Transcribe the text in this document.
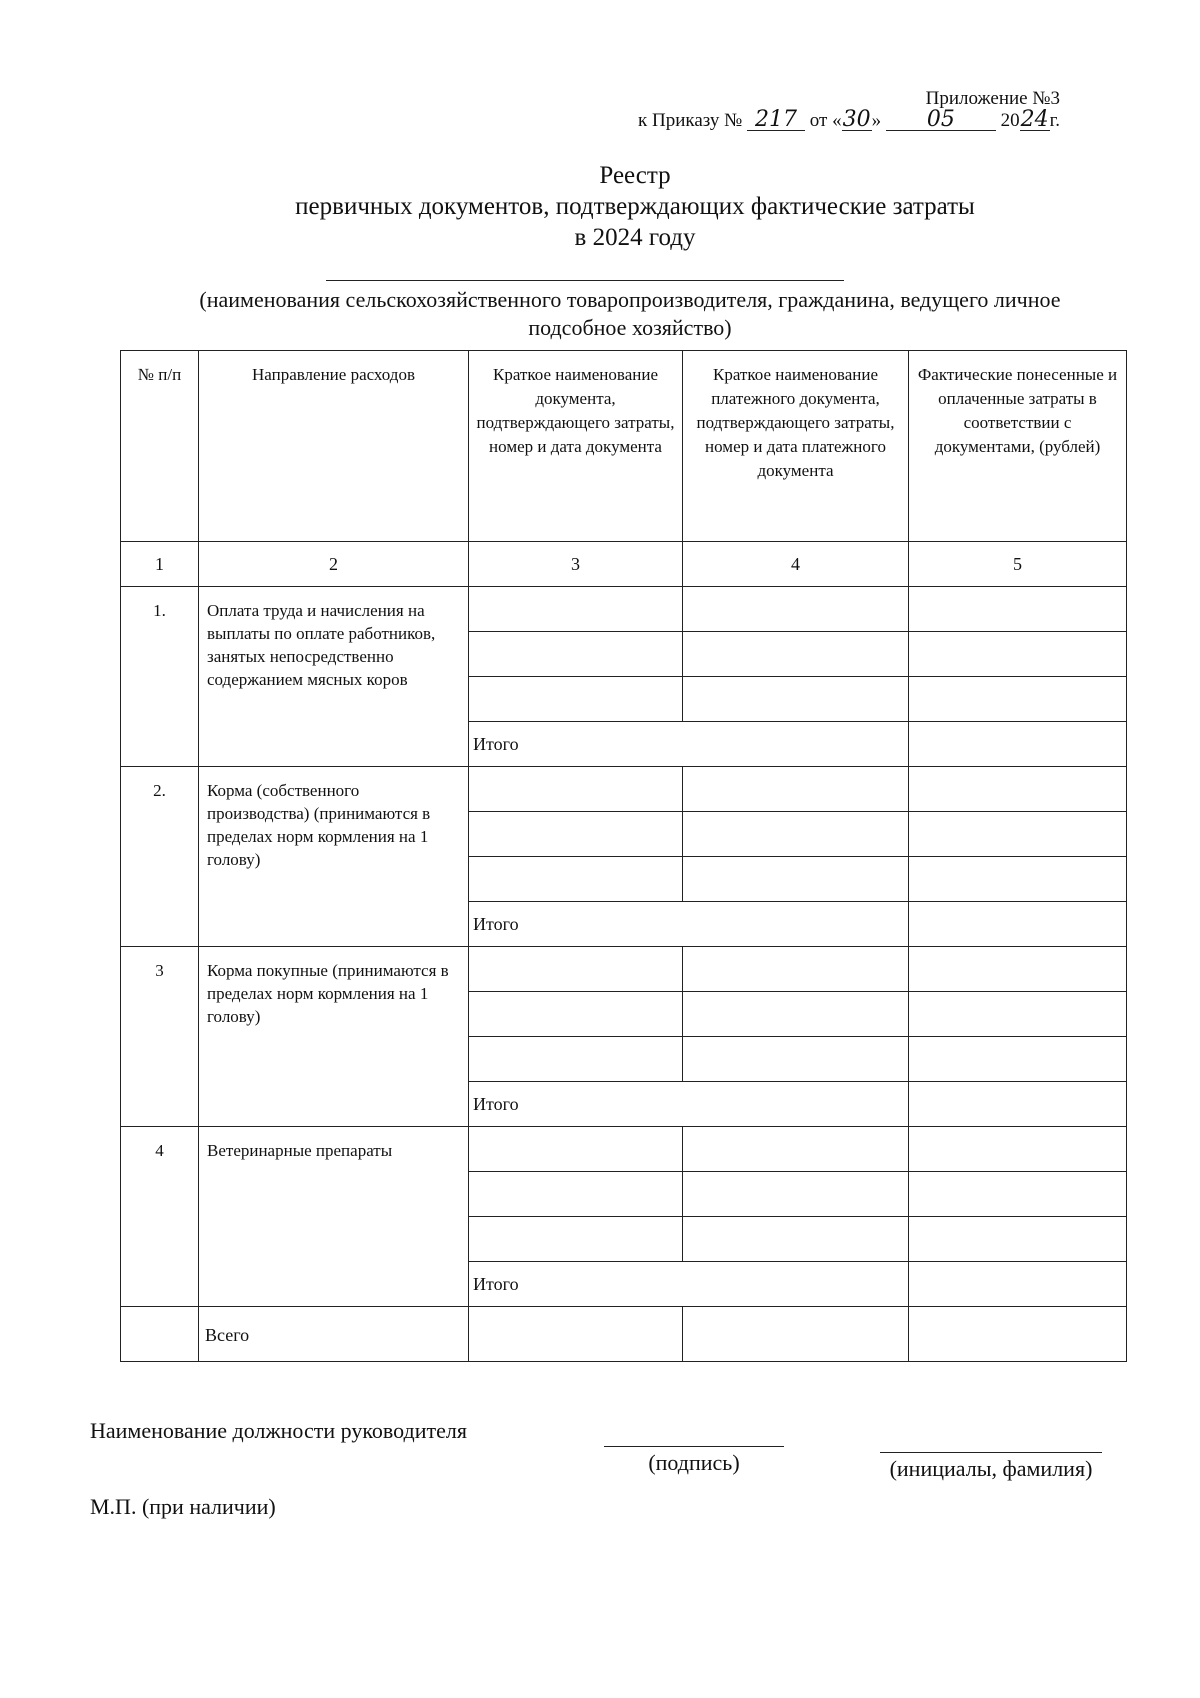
Приложение №3
к Приказу № 217 от «30» 05 2024г.
Реестр
первичных документов, подтверждающих фактические затраты
в 2024 году
(наименования сельскохозяйственного товаропроизводителя, гражданина, ведущего личное подсобное хозяйство)
№ п/п	Направление расходов	Краткое наименование документа, подтверждающего затраты, номер и дата документа	Краткое наименование платежного документа, подтверждающего затраты, номер и дата платежного документа	Фактические понесенные и оплаченные затраты в соответствии с документами, (рублей)
1	2	3	4	5
1.	Оплата труда и начисления на выплаты по оплате работников, занятых непосредственно содержанием мясных коров			

		Итого		
2.	Корма (собственного производства) (принимаются в пределах норм кормления на 1 голову)			

		Итого		
3	Корма покупные (принимаются в пределах норм кормления на 1 голову)			

		Итого		
4	Ветеринарные препараты			

		Итого		
	Всего			
Наименование должности руководителя
(подпись)	(инициалы, фамилия)
М.П. (при наличии)
